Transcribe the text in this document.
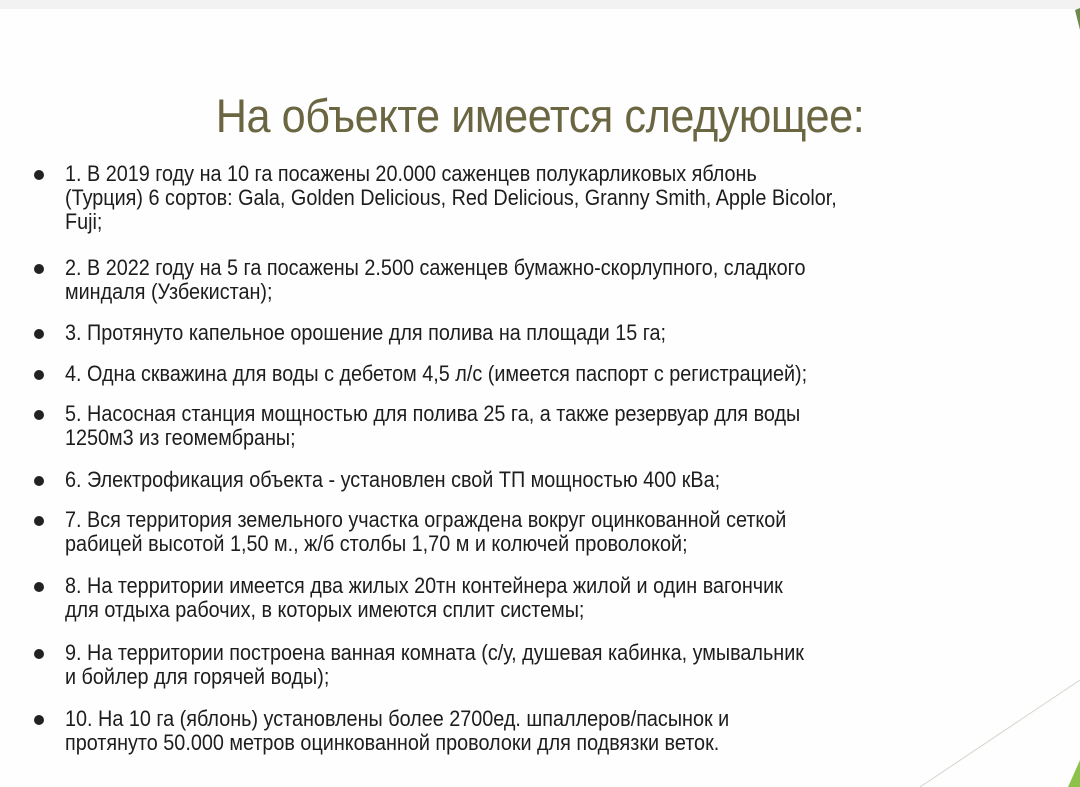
На объекте имеется следующее:
1. В 2019 году на 10 га посажены 20.000 саженцев полукарликовых яблонь
(Турция) 6 сортов: Gala, Golden Delicious, Red Delicious, Granny Smith, Apple Bicolor,
Fuji;
2. В 2022 году на 5 га посажены 2.500 саженцев бумажно-скорлупного, сладкого
миндаля (Узбекистан);
3. Протянуто капельное орошение для полива на площади 15 га;
4. Одна скважина для воды с дебетом 4,5 л/с (имеется паспорт с регистрацией);
5. Насосная станция мощностью для полива 25 га, а также резервуар для воды
1250м3 из геомембраны;
6. Электрофикация объекта - установлен свой ТП мощностью 400 кВа;
7. Вся территория земельного участка ограждена вокруг оцинкованной сеткой
рабицей высотой 1,50 м., ж/б столбы 1,70 м и колючей проволокой;
8. На территории имеется два жилых 20тн контейнера жилой и один вагончик
для отдыха рабочих, в которых имеются сплит системы;
9. На территории построена ванная комната (с/у, душевая кабинка, умывальник
и бойлер для горячей воды);
10. На 10 га (яблонь) установлены более 2700ед. шпаллеров/пасынок и
протянуто 50.000 метров оцинкованной проволоки для подвязки веток.
